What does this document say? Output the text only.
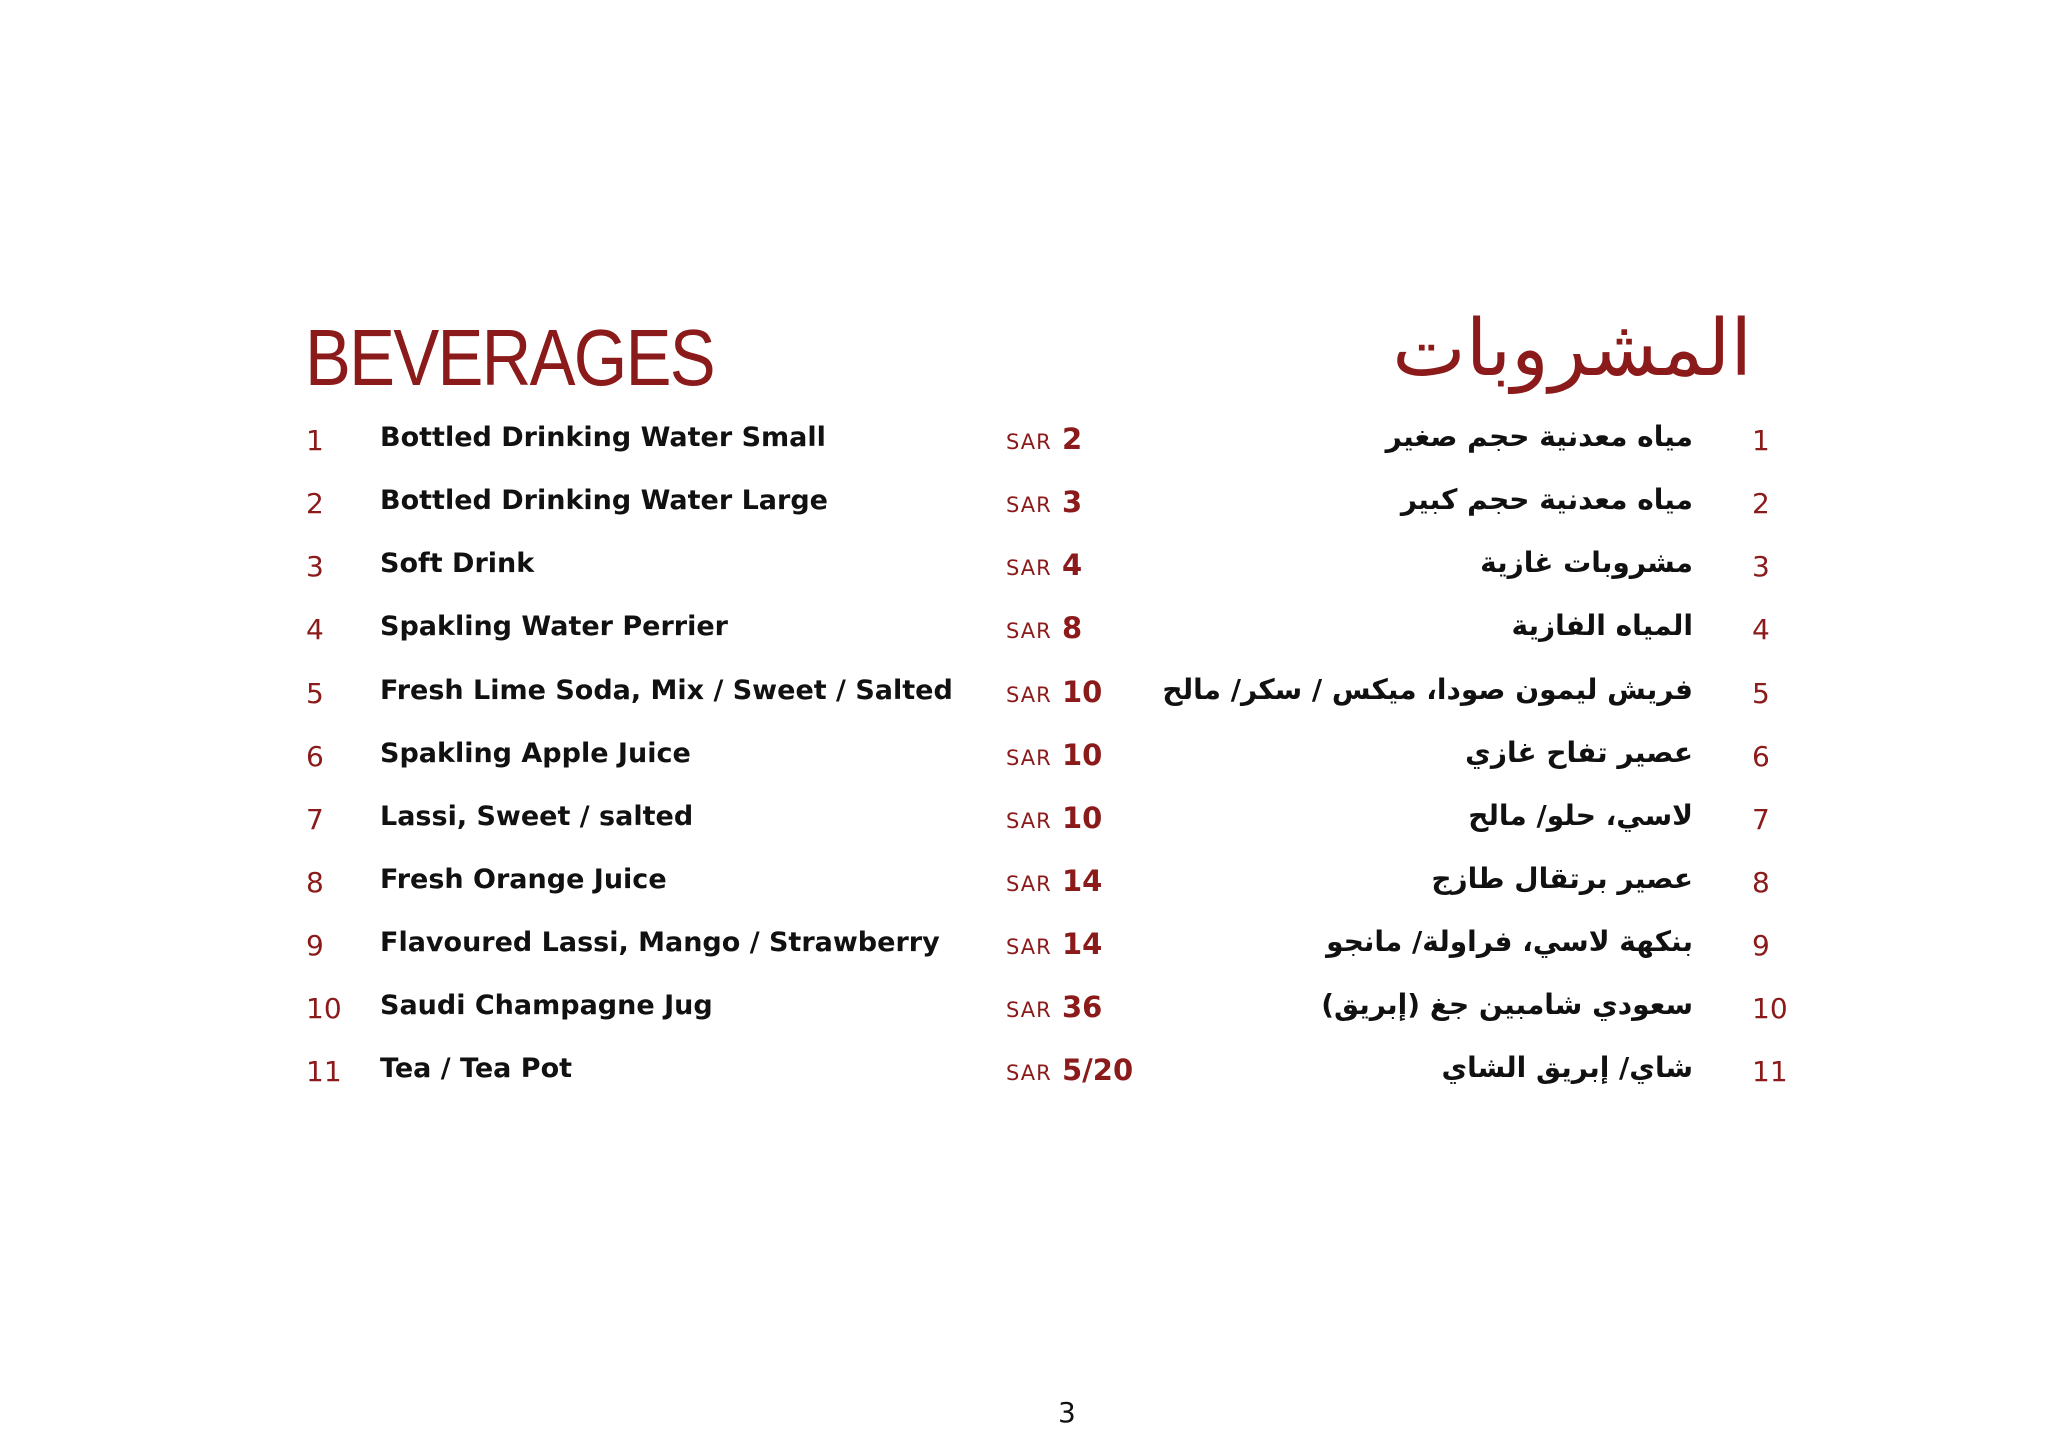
BEVERAGES	المشروبات
1 Bottled Drinking Water Small	SAR 2	مياه معدنية حجم صغير 1
2 Bottled Drinking Water Large	SAR 3	مياه معدنية حجم كبير 2
3 Soft Drink	SAR 4	مشروبات غازية 3
4 Spakling Water Perrier	SAR 8	المياه الفازية 4
5 Fresh Lime Soda, Mix / Sweet / Salted	SAR 10 فريش ليمون صودا، ميكس / سكر/ مالح 5
6 Spakling Apple Juice	SAR 10	عصير تفاح غازي 6
7 Lassi, Sweet / salted	SAR 10	لاسي، حلو/ مالح 7
8 Fresh Orange Juice	SAR 14	عصير برتقال طازج 8
9 Flavoured Lassi, Mango / Strawberry	SAR 14	بنكهة لاسي، فراولة/ مانجو 9
10 Saudi Champagne Jug	SAR 36	سعودي شامبين جغ (إبريق) 10
11 Tea / Tea Pot	SAR 5/20	شاي/ إبريق الشاي 11
3
